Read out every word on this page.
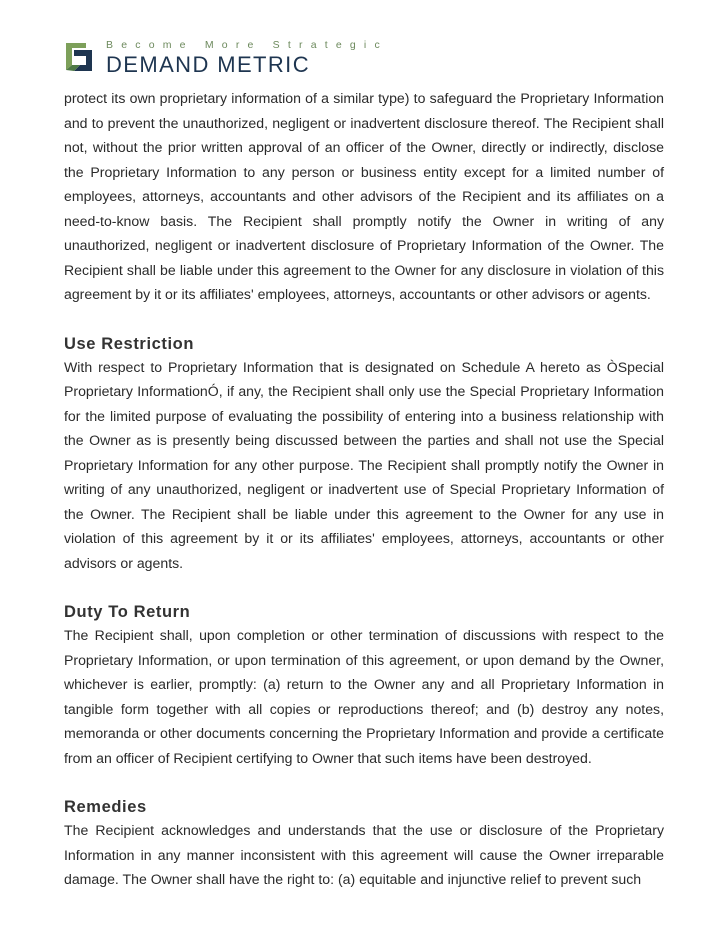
Become More Strategic
DEMAND METRIC

protect its own proprietary information of a similar type) to safeguard the Proprietary Information and to prevent the unauthorized, negligent or inadvertent disclosure thereof. The Recipient shall not, without the prior written approval of an officer of the Owner, directly or indirectly, disclose the Proprietary Information to any person or business entity except for a limited number of employees, attorneys, accountants and other advisors of the Recipient and its affiliates on a need-to-know basis. The Recipient shall promptly notify the Owner in writing of any unauthorized, negligent or inadvertent disclosure of Proprietary Information of the Owner. The Recipient shall be liable under this agreement to the Owner for any disclosure in violation of this agreement by it or its affiliates' employees, attorneys, accountants or other advisors or agents.

Use Restriction

With respect to Proprietary Information that is designated on Schedule A hereto as ÒSpecial Proprietary InformationÓ, if any, the Recipient shall only use the Special Proprietary Information for the limited purpose of evaluating the possibility of entering into a business relationship with the Owner as is presently being discussed between the parties and shall not use the Special Proprietary Information for any other purpose. The Recipient shall promptly notify the Owner in writing of any unauthorized, negligent or inadvertent use of Special Proprietary Information of the Owner. The Recipient shall be liable under this agreement to the Owner for any use in violation of this agreement by it or its affiliates' employees, attorneys, accountants or other advisors or agents.

Duty To Return

The Recipient shall, upon completion or other termination of discussions with respect to the Proprietary Information, or upon termination of this agreement, or upon demand by the Owner, whichever is earlier, promptly: (a) return to the Owner any and all Proprietary Information in tangible form together with all copies or reproductions thereof; and (b) destroy any notes, memoranda or other documents concerning the Proprietary Information and provide a certificate from an officer of Recipient certifying to Owner that such items have been destroyed.

Remedies

The Recipient acknowledges and understands that the use or disclosure of the Proprietary Information in any manner inconsistent with this agreement will cause the Owner irreparable damage. The Owner shall have the right to: (a) equitable and injunctive relief to prevent such
